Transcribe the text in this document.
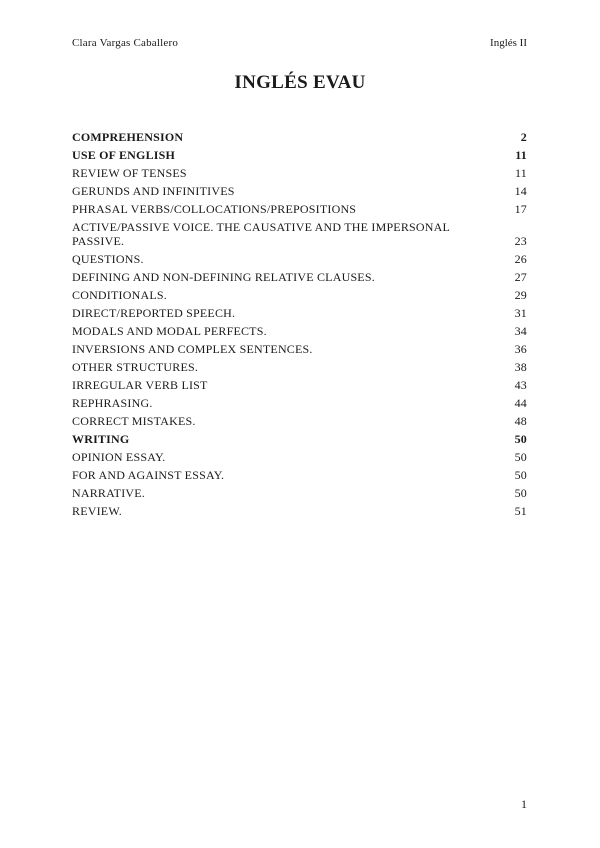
Clara Vargas Caballero	Inglés II
INGLÉS EVAU
COMPREHENSION	2
USE OF ENGLISH	11
REVIEW OF TENSES	11
GERUNDS AND INFINITIVES	14
PHRASAL VERBS/COLLOCATIONS/PREPOSITIONS	17
ACTIVE/PASSIVE VOICE. THE CAUSATIVE AND THE IMPERSONAL PASSIVE.	23
QUESTIONS.	26
DEFINING AND NON-DEFINING RELATIVE CLAUSES.	27
CONDITIONALS.	29
DIRECT/REPORTED SPEECH.	31
MODALS AND MODAL PERFECTS.	34
INVERSIONS AND COMPLEX SENTENCES.	36
OTHER STRUCTURES.	38
IRREGULAR VERB LIST	43
REPHRASING.	44
CORRECT MISTAKES.	48
WRITING	50
OPINION ESSAY.	50
FOR AND AGAINST ESSAY.	50
NARRATIVE.	50
REVIEW.	51
1
